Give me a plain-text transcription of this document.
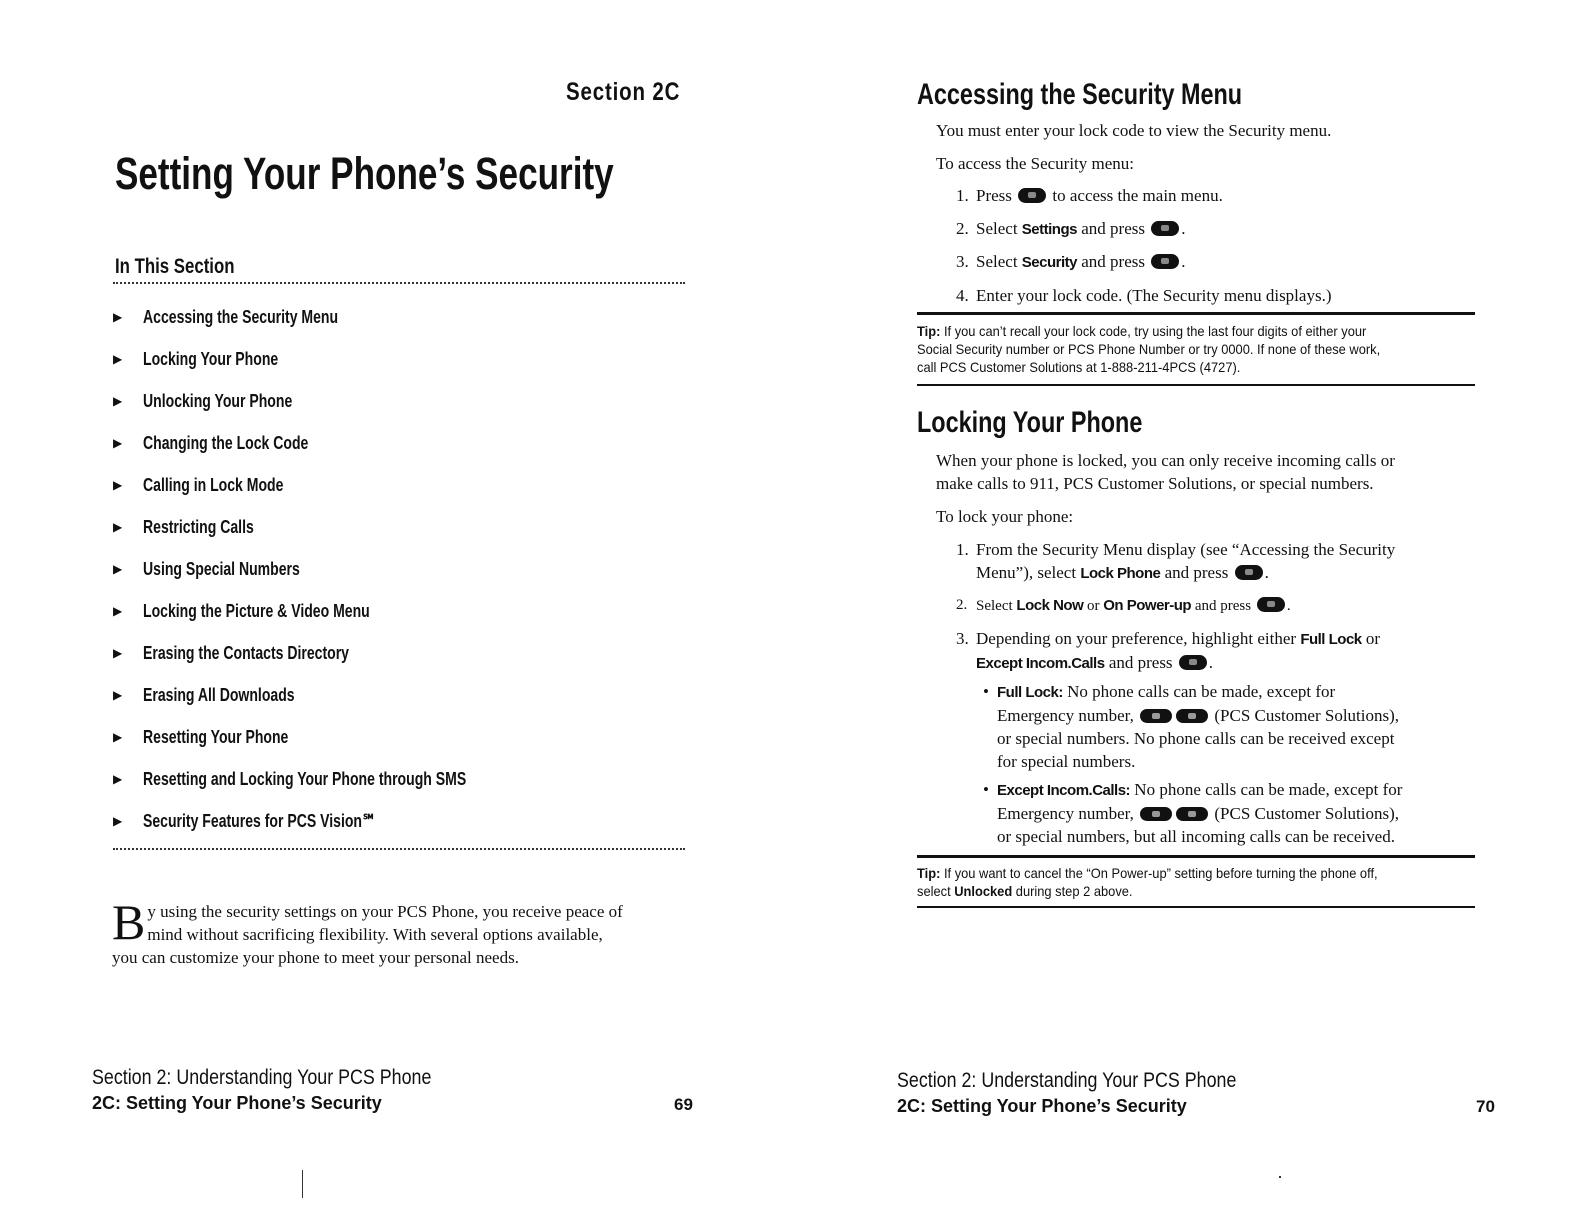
Section 2C
Setting Your Phone’s Security
In This Section
▶	Accessing the Security Menu
▶	Locking Your Phone
▶	Unlocking Your Phone
▶	Changing the Lock Code
▶	Calling in Lock Mode
▶	Restricting Calls
▶	Using Special Numbers
▶	Locking the Picture & Video Menu
▶	Erasing the Contacts Directory
▶	Erasing All Downloads
▶	Resetting Your Phone
▶	Resetting and Locking Your Phone through SMS
▶	Security Features for PCS Vision℠
B y using the security settings on your PCS Phone, you receive peace of
mind without sacrificing flexibility. With several options available,
you can customize your phone to meet your personal needs.
Section 2: Understanding Your PCS Phone
2C: Setting Your Phone’s Security	69
Accessing the Security Menu
You must enter your lock code to view the Security menu.
To access the Security menu:
1. Press to access the main menu.
2. Select Settings and press .
3. Select Security and press .
4. Enter your lock code. (The Security menu displays.)
Tip: If you can’t recall your lock code, try using the last four digits of either your
Social Security number or PCS Phone Number or try 0000. If none of these work,
call PCS Customer Solutions at 1-888-211-4PCS (4727).
Locking Your Phone
When your phone is locked, you can only receive incoming calls or
make calls to 911, PCS Customer Solutions, or special numbers.
To lock your phone:
1. From the Security Menu display (see “Accessing the Security
Menu”), select Lock Phone and press .
2. Select Lock Now or On Power-up and press .
3. Depending on your preference, highlight either Full Lock or
Except Incom.Calls and press .
• Full Lock: No phone calls can be made, except for
Emergency number,	(PCS Customer Solutions),
or special numbers. No phone calls can be received except
for special numbers.
• Except Incom.Calls: No phone calls can be made, except for
Emergency number,	(PCS Customer Solutions),
or special numbers, but all incoming calls can be received.
Tip: If you want to cancel the “On Power-up” setting before turning the phone off,
select Unlocked during step 2 above.
Section 2: Understanding Your PCS Phone
2C: Setting Your Phone’s Security	70
